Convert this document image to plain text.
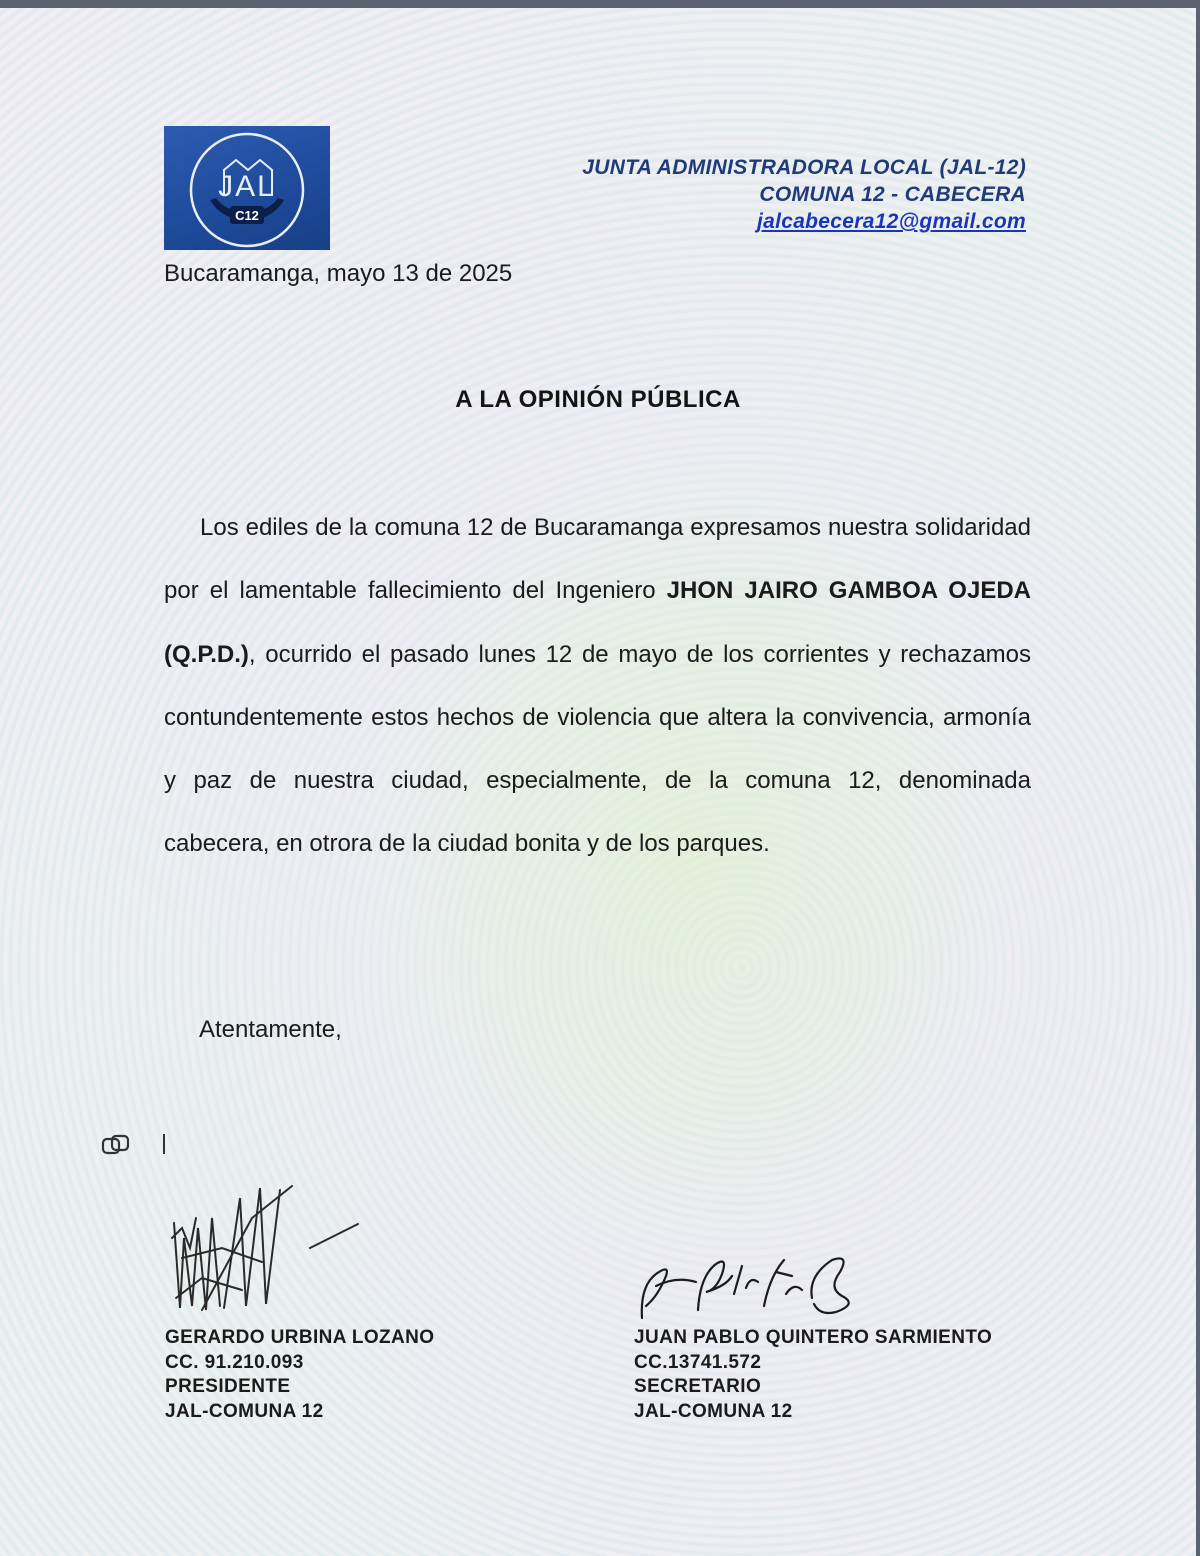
JAL
C12
JUNTA ADMINISTRADORA LOCAL (JAL-12)
COMUNA 12 - CABECERA
jalcabecera12@gmail.com
Bucaramanga, mayo 13 de 2025
A LA OPINIÓN PÚBLICA
Los ediles de la comuna 12 de Bucaramanga expresamos nuestra solidaridad por el lamentable fallecimiento del Ingeniero JHON JAIRO GAMBOA OJEDA (Q.P.D.), ocurrido el pasado lunes 12 de mayo de los corrientes y rechazamos contundentemente estos hechos de violencia que altera la convivencia, armonía y paz de nuestra ciudad, especialmente, de la comuna 12, denominada cabecera, en otrora de la ciudad bonita y de los parques.
Atentamente,
GERARDO URBINA LOZANO
CC. 91.210.093
PRESIDENTE
JAL-COMUNA 12
JUAN PABLO QUINTERO SARMIENTO
CC.13741.572
SECRETARIO
JAL-COMUNA 12
